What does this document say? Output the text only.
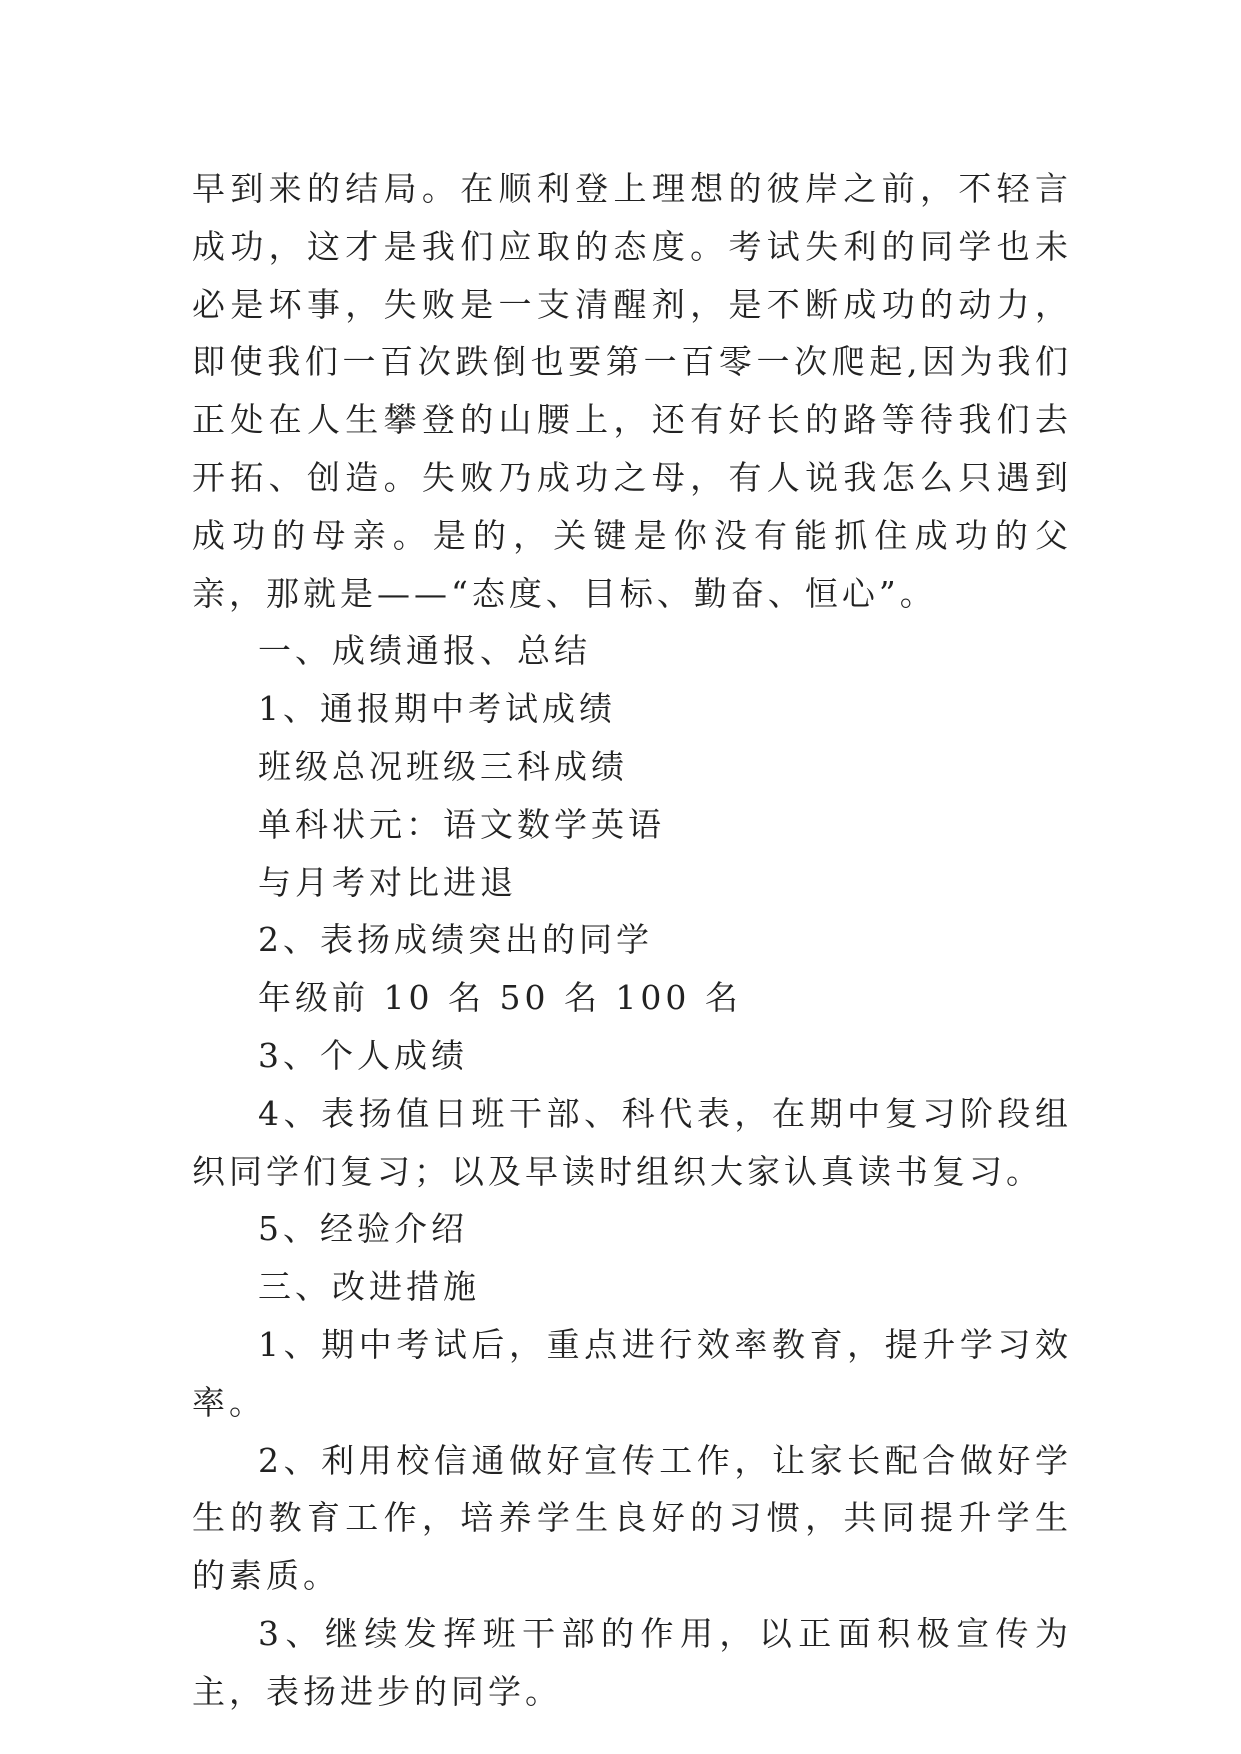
早到来的结局。在顺利登上理想的彼岸之前，不轻言成功，这才是我们应取的态度。考试失利的同学也未必是坏事，失败是一支清醒剂，是不断成功的动力，即使我们一百次跌倒也要第一百零一次爬起,因为我们正处在人生攀登的山腰上，还有好长的路等待我们去开拓、创造。失败乃成功之母，有人说我怎么只遇到成功的母亲。是的，关键是你没有能抓住成功的父亲，那就是——“态度、目标、勤奋、恒心”。

一、成绩通报、总结

1、通报期中考试成绩

班级总况班级三科成绩

单科状元：语文数学英语

与月考对比进退

2、表扬成绩突出的同学

年级前 10 名 50 名 100 名

3、个人成绩

4、表扬值日班干部、科代表，在期中复习阶段组织同学们复习；以及早读时组织大家认真读书复习。

5、经验介绍

三、改进措施

1、期中考试后，重点进行效率教育，提升学习效率。

2、利用校信通做好宣传工作，让家长配合做好学生的教育工作，培养学生良好的习惯，共同提升学生的素质。

3、继续发挥班干部的作用，以正面积极宣传为主，表扬进步的同学。
